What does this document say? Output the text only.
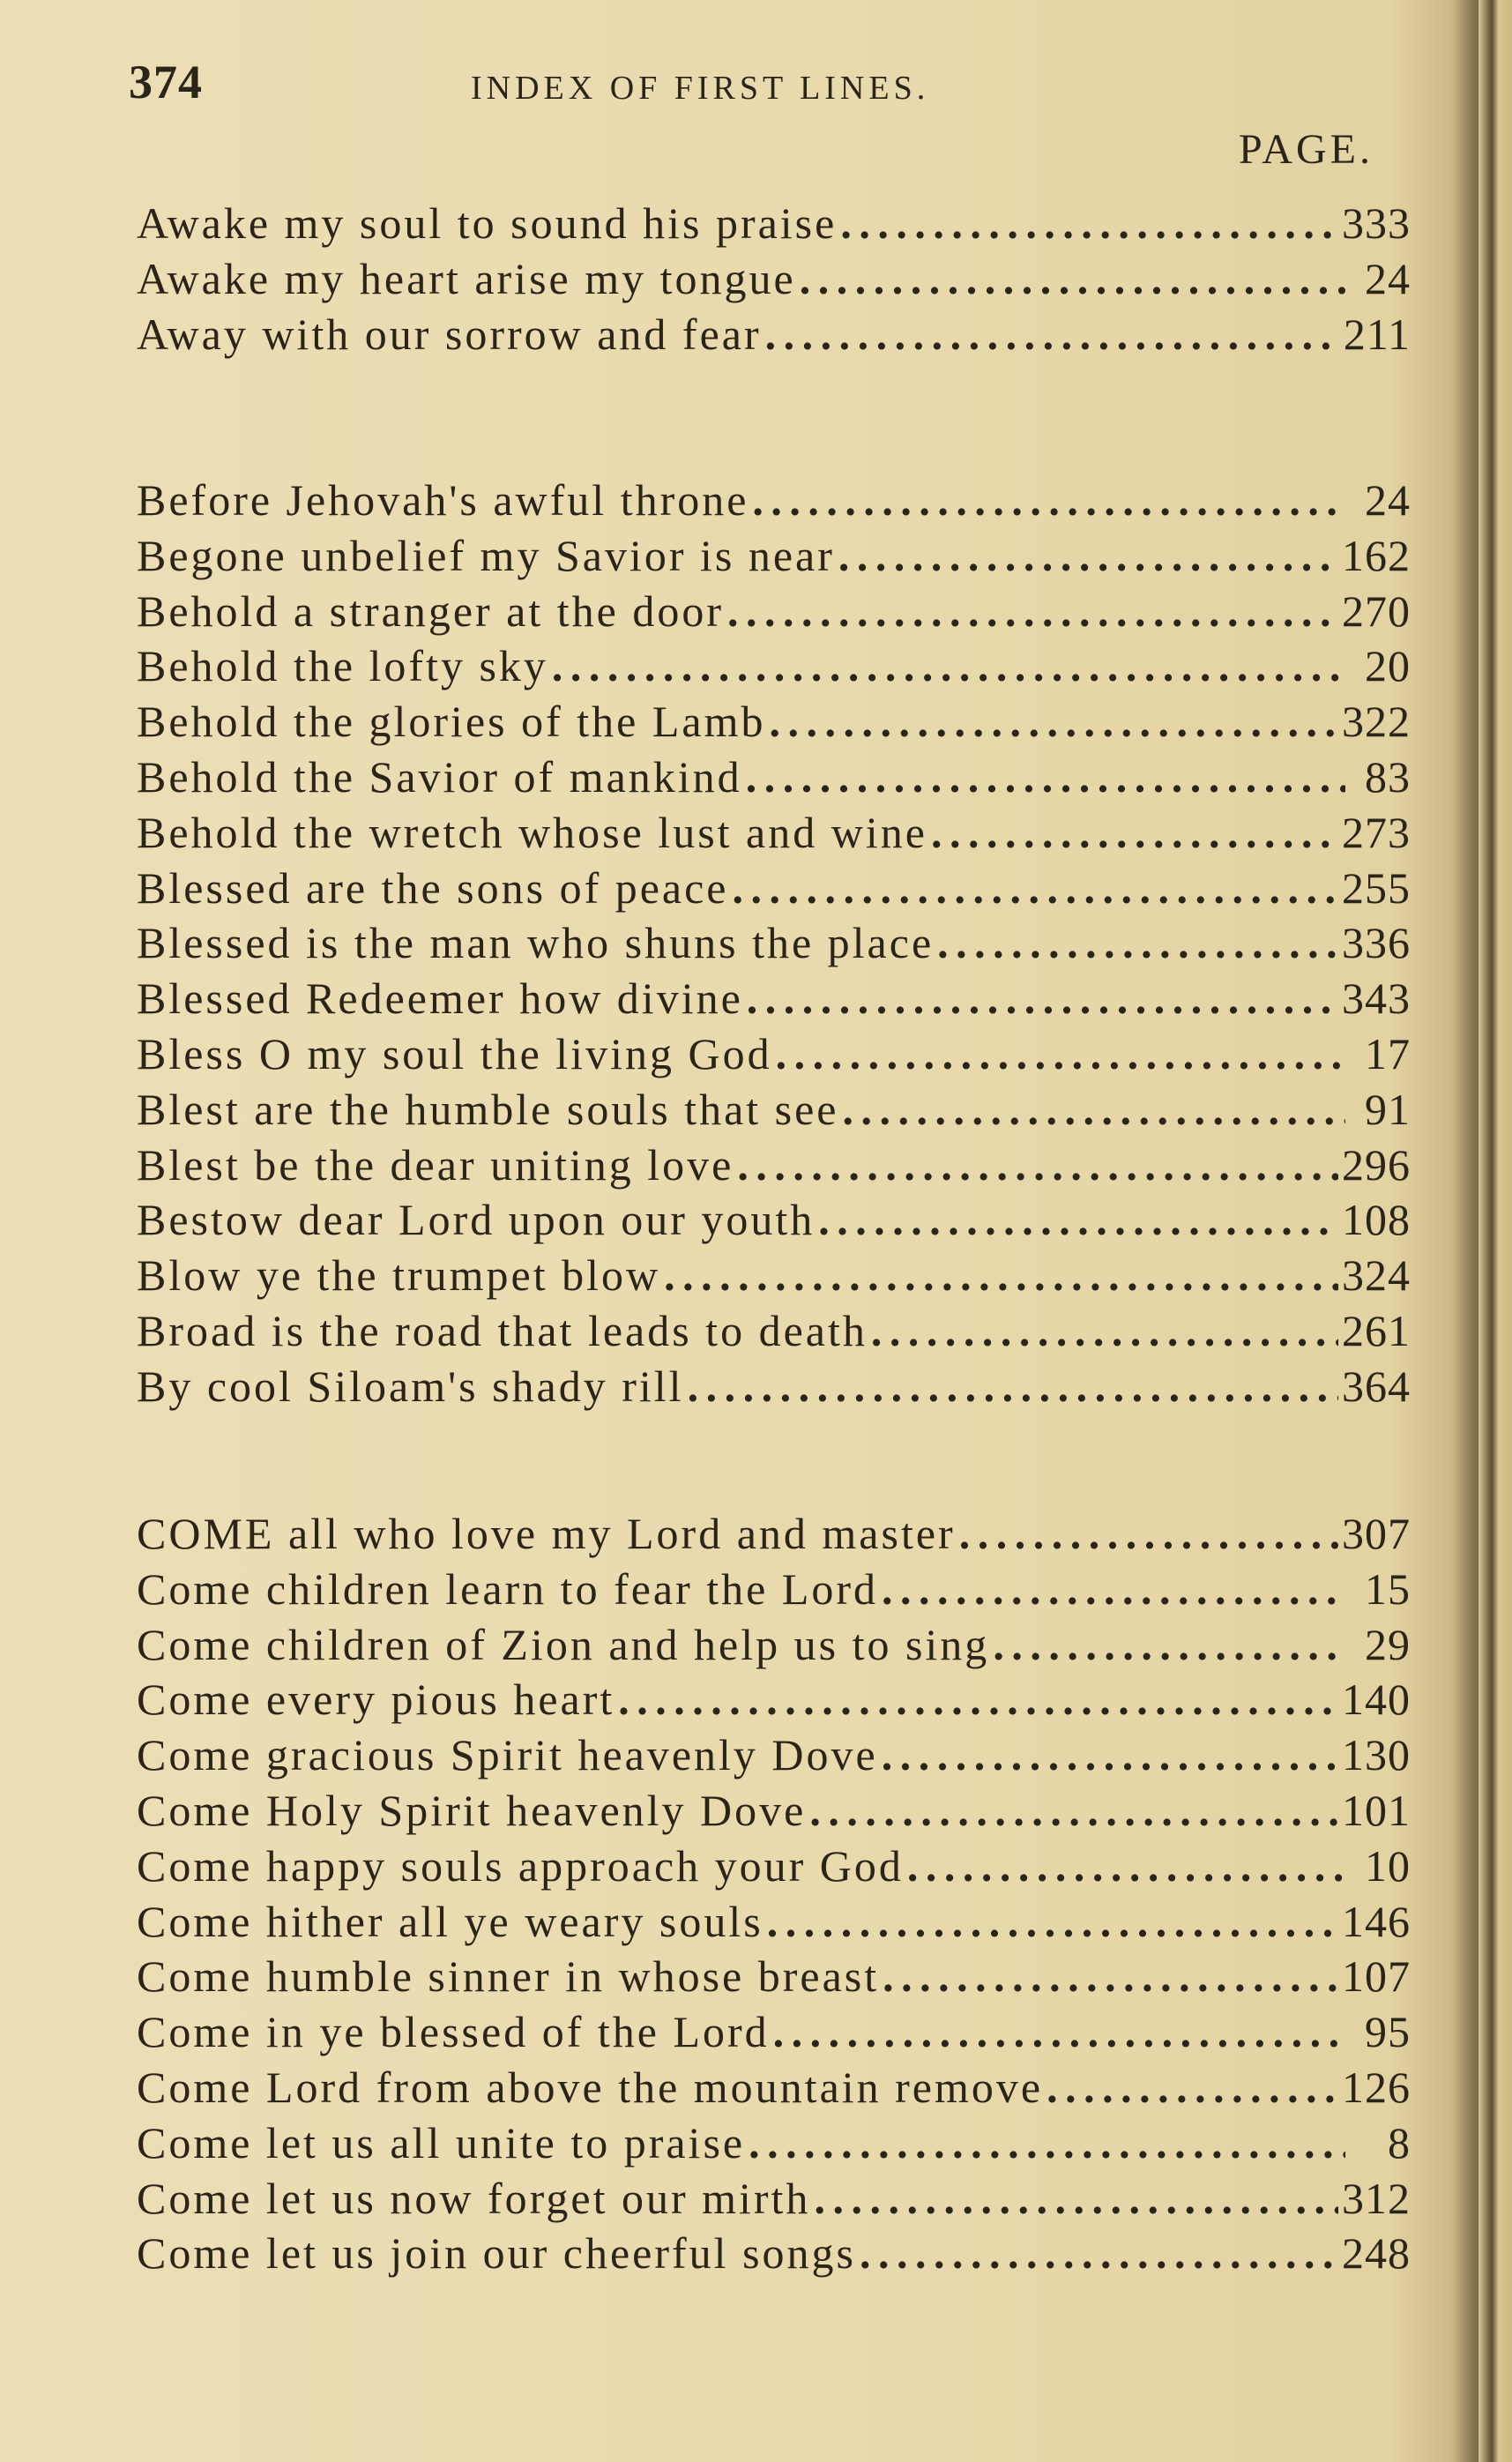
374	INDEX OF FIRST LINES.
PAGE.
Awake my soul to sound his praise . . .	333
Awake my heart arise my tongue . . .	24
Away with our sorrow and fear . . .	211
Before Jehovah's awful throne . . .	24
Begone unbelief my Savior is near . . .	162
Behold a stranger at the door . . .	270
Behold the lofty sky . . .	20
Behold the glories of the Lamb . . .	322
Behold the Savior of mankind . . .	83
Behold the wretch whose lust and wine . . .	273
Blessed are the sons of peace . . .	255
Blessed is the man who shuns the place . . .	336
Blessed Redeemer how divine . . .	343
Bless O my soul the living God . . .	17
Blest are the humble souls that see . . .	91
Blest be the dear uniting love . . .	296
Bestow dear Lord upon our youth . . .	108
Blow ye the trumpet blow . . .	324
Broad is the road that leads to death . . .	261
By cool Siloam's shady rill . . .	364
COME all who love my Lord and master . . .	307
Come children learn to fear the Lord . . .	15
Come children of Zion and help us to sing . . .	29
Come every pious heart . . .	140
Come gracious Spirit heavenly Dove . . .	130
Come Holy Spirit heavenly Dove . . .	101
Come happy souls approach your God . . .	10
Come hither all ye weary souls . . .	146
Come humble sinner in whose breast . . .	107
Come in ye blessed of the Lord . . .	95
Come Lord from above the mountain remove . . .	126
Come let us all unite to praise . . .	8
Come let us now forget our mirth . . .	312
Come let us join our cheerful songs . . .	248
